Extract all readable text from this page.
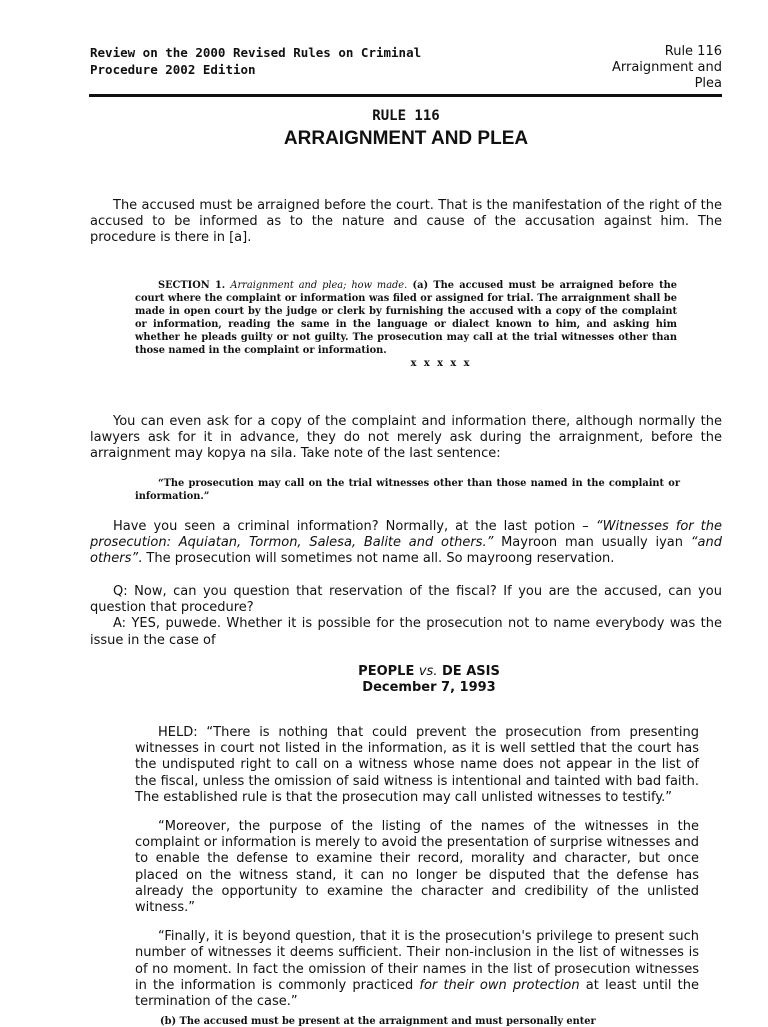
Review on the 2000 Revised Rules on Criminal
Procedure 2002 Edition
Rule 116
Arraignment and
Plea
RULE 116
ARRAIGNMENT AND PLEA

The accused must be arraigned before the court. That is the manifestation of the right of the accused to be informed as to the nature and cause of the accusation against him. The procedure is there in [a].

SECTION 1. Arraignment and plea; how made. (a) The accused must be arraigned before the court where the complaint or information was filed or assigned for trial. The arraignment shall be made in open court by the judge or clerk by furnishing the accused with a copy of the complaint or information, reading the same in the language or dialect known to him, and asking him whether he pleads guilty or not guilty. The prosecution may call at the trial witnesses other than those named in the complaint or information.

x x x x x

You can even ask for a copy of the complaint and information there, although normally the lawyers ask for it in advance, they do not merely ask during the arraignment, before the arraignment may kopya na sila. Take note of the last sentence:

“The prosecution may call on the trial witnesses other than those named in the complaint or information.”

Have you seen a criminal information? Normally, at the last potion – “Witnesses for the prosecution: Aquiatan, Tormon, Salesa, Balite and others.” Mayroon man usually iyan “and others”. The prosecution will sometimes not name all. So mayroong reservation.

Q: Now, can you question that reservation of the fiscal? If you are the accused, can you question that procedure?

A: YES, puwede. Whether it is possible for the prosecution not to name everybody was the issue in the case of

PEOPLE vs. DE ASIS
December 7, 1993

HELD: “There is nothing that could prevent the prosecution from presenting witnesses in court not listed in the information, as it is well settled that the court has the undisputed right to call on a witness whose name does not appear in the list of the fiscal, unless the omission of said witness is intentional and tainted with bad faith. The established rule is that the prosecution may call unlisted witnesses to testify.”

“Moreover, the purpose of the listing of the names of the witnesses in the complaint or information is merely to avoid the presentation of surprise witnesses and to enable the defense to examine their record, morality and character, but once placed on the witness stand, it can no longer be disputed that the defense has already the opportunity to examine the character and credibility of the unlisted witness.”

“Finally, it is beyond question, that it is the prosecution's privilege to present such number of witnesses it deems sufficient. Their non-inclusion in the list of witnesses is of no moment. In fact the omission of their names in the list of prosecution witnesses in the information is commonly practiced for their own protection at least until the termination of the case.”

(b) The accused must be present at the arraignment and must personally enter
